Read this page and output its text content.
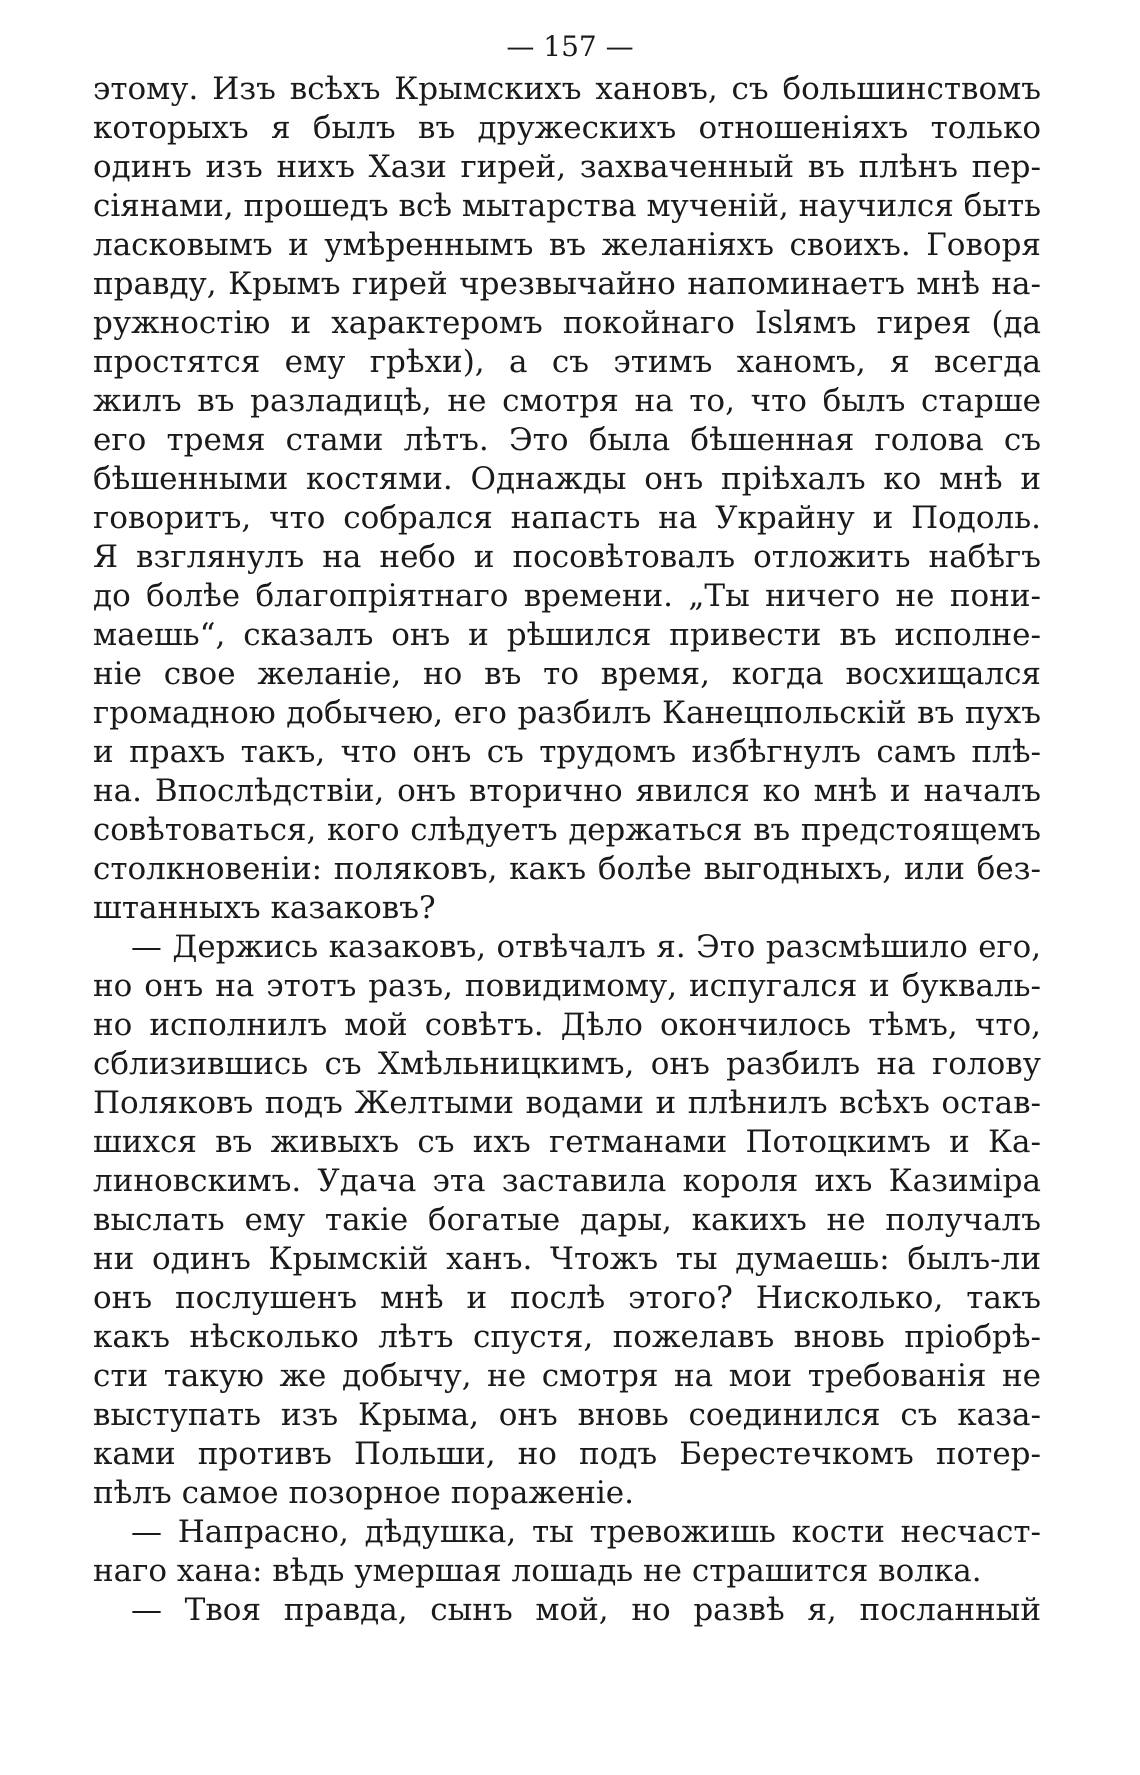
— 157 —
этому. Изъ всѣхъ Крымскихъ хановъ, съ большинствомъ
которыхъ я былъ въ дружескихъ отношеніяхъ только
одинъ изъ нихъ Хази гирей, захваченный въ плѣнъ пер-
сіянами, прошедъ всѣ мытарства мученій, научился быть
ласковымъ и умѣреннымъ въ желаніяхъ своихъ. Говоря
правду, Крымъ гирей чрезвычайно напоминаетъ мнѣ на-
ружностію и характеромъ покойнаго Islямъ гирея (да
простятся ему грѣхи), а съ этимъ ханомъ, я всегда
жилъ въ разладицѣ, не смотря на то, что былъ старше
его тремя стами лѣтъ. Это была бѣшенная голова съ
бѣшенными костями. Однажды онъ пріѣхалъ ко мнѣ и
говоритъ, что собрался напасть на Украйну и Подоль.
Я взглянулъ на небо и посовѣтовалъ отложить набѣгъ
до болѣе благопріятнаго времени. „Ты ничего не пони-
маешь“, сказалъ онъ и рѣшился привести въ исполне-
ніе свое желаніе, но въ то время, когда восхищался
громадною добычею, его разбилъ Канецпольскій въ пухъ
и прахъ такъ, что онъ съ трудомъ избѣгнулъ самъ плѣ-
на. Впослѣдствіи, онъ вторично явился ко мнѣ и началъ
совѣтоваться, кого слѣдуетъ держаться въ предстоящемъ
столкновеніи: поляковъ, какъ болѣе выгодныхъ, или без-
штанныхъ казаковъ?
— Держись казаковъ, отвѣчалъ я. Это разсмѣшило его,
но онъ на этотъ разъ, повидимому, испугался и букваль-
но исполнилъ мой совѣтъ. Дѣло окончилось тѣмъ, что,
сблизившись съ Хмѣльницкимъ, онъ разбилъ на голову
Поляковъ подъ Желтыми водами и плѣнилъ всѣхъ остав-
шихся въ живыхъ съ ихъ гетманами Потоцкимъ и Ка-
линовскимъ. Удача эта заставила короля ихъ Казиміра
выслать ему такіе богатые дары, какихъ не получалъ
ни одинъ Крымскій ханъ. Чтожъ ты думаешь: былъ-ли
онъ послушенъ мнѣ и послѣ этого? Нисколько, такъ
какъ нѣсколько лѣтъ спустя, пожелавъ вновь пріобрѣ-
сти такую же добычу, не смотря на мои требованія не
выступать изъ Крыма, онъ вновь соединился съ каза-
ками противъ Польши, но подъ Берестечкомъ потер-
пѣлъ самое позорное пораженіе.
— Напрасно, дѣдушка, ты тревожишь кости несчаст-
наго хана: вѣдь умершая лошадь не страшится волка.
— Твоя правда, сынъ мой, но развѣ я, посланный
